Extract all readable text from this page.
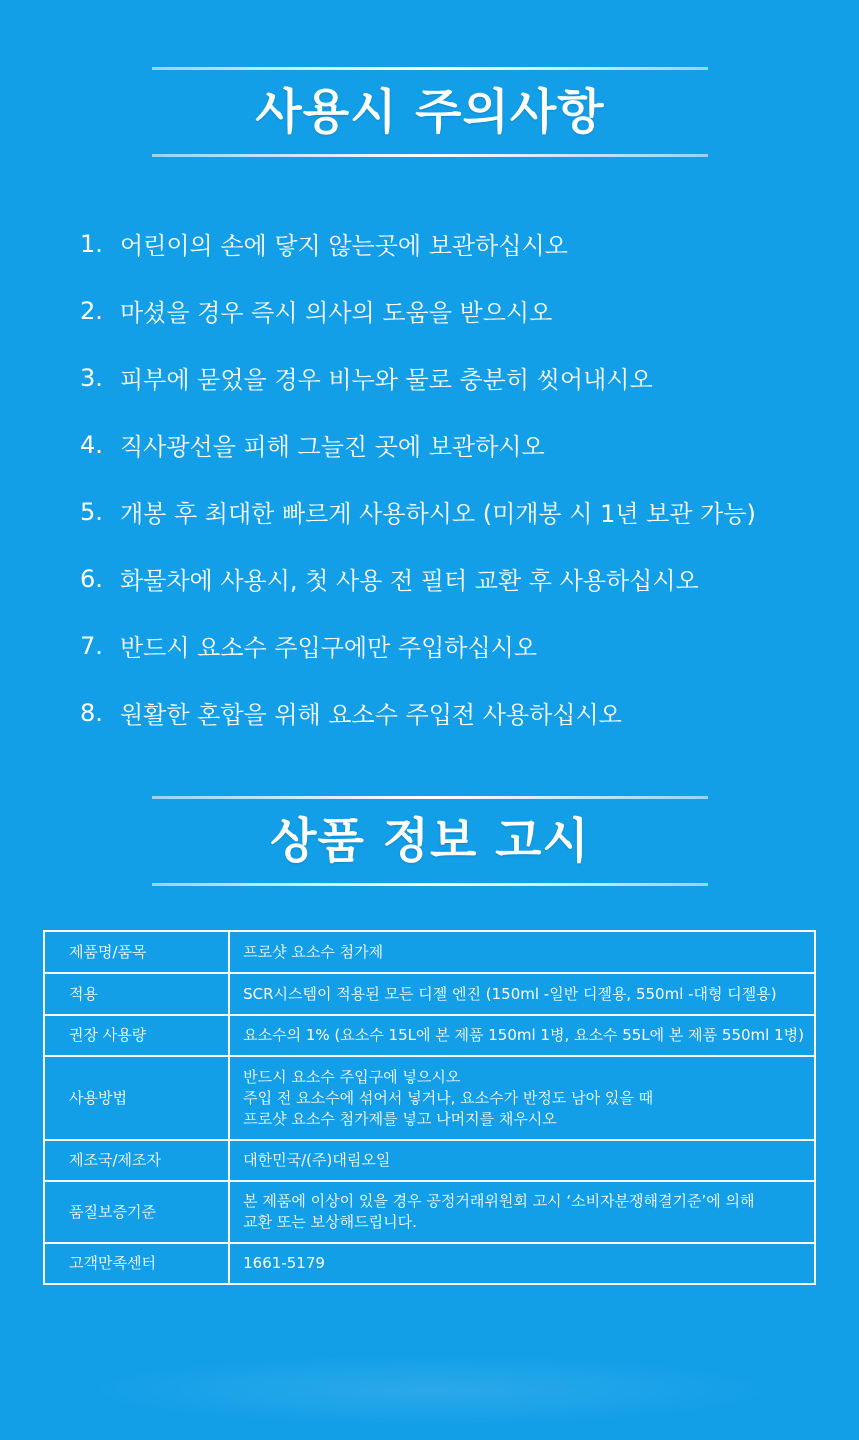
사용시 주의사항
1. 어린이의 손에 닿지 않는곳에 보관하십시오
2. 마셨을 경우 즉시 의사의 도움을 받으시오
3. 피부에 묻었을 경우 비누와 물로 충분히 씻어내시오
4. 직사광선을 피해 그늘진 곳에 보관하시오
5. 개봉 후 최대한 빠르게 사용하시오 (미개봉 시 1년 보관 가능)
6. 화물차에 사용시, 첫 사용 전 필터 교환 후 사용하십시오
7. 반드시 요소수 주입구에만 주입하십시오
8. 원활한 혼합을 위해 요소수 주입전 사용하십시오
상품 정보 고시
제품명/품목	프로샷 요소수 첨가제

적용	SCR시스템이 적용된 모든 디젤 엔진 (150ml -일반 디젤용, 550ml -대형 디젤용)

권장 사용량	요소수의 1% (요소수 15L에 본 제품 150ml 1병, 요소수 55L에 본 제품 550ml 1병)

사용방법	반드시 요소수 주입구에 넣으시오
주입 전 요소수에 섞어서 넣거나, 요소수가 반정도 남아 있을 때
프로샷 요소수 첨가제를 넣고 나머지를 채우시오

제조국/제조자	대한민국/(주)대림오일

품질보증기준	본 제품에 이상이 있을 경우 공정거래위원회 고시 ‘소비자분쟁해결기준’에 의해
교환 또는 보상해드립니다.

고객만족센터	1661-5179
